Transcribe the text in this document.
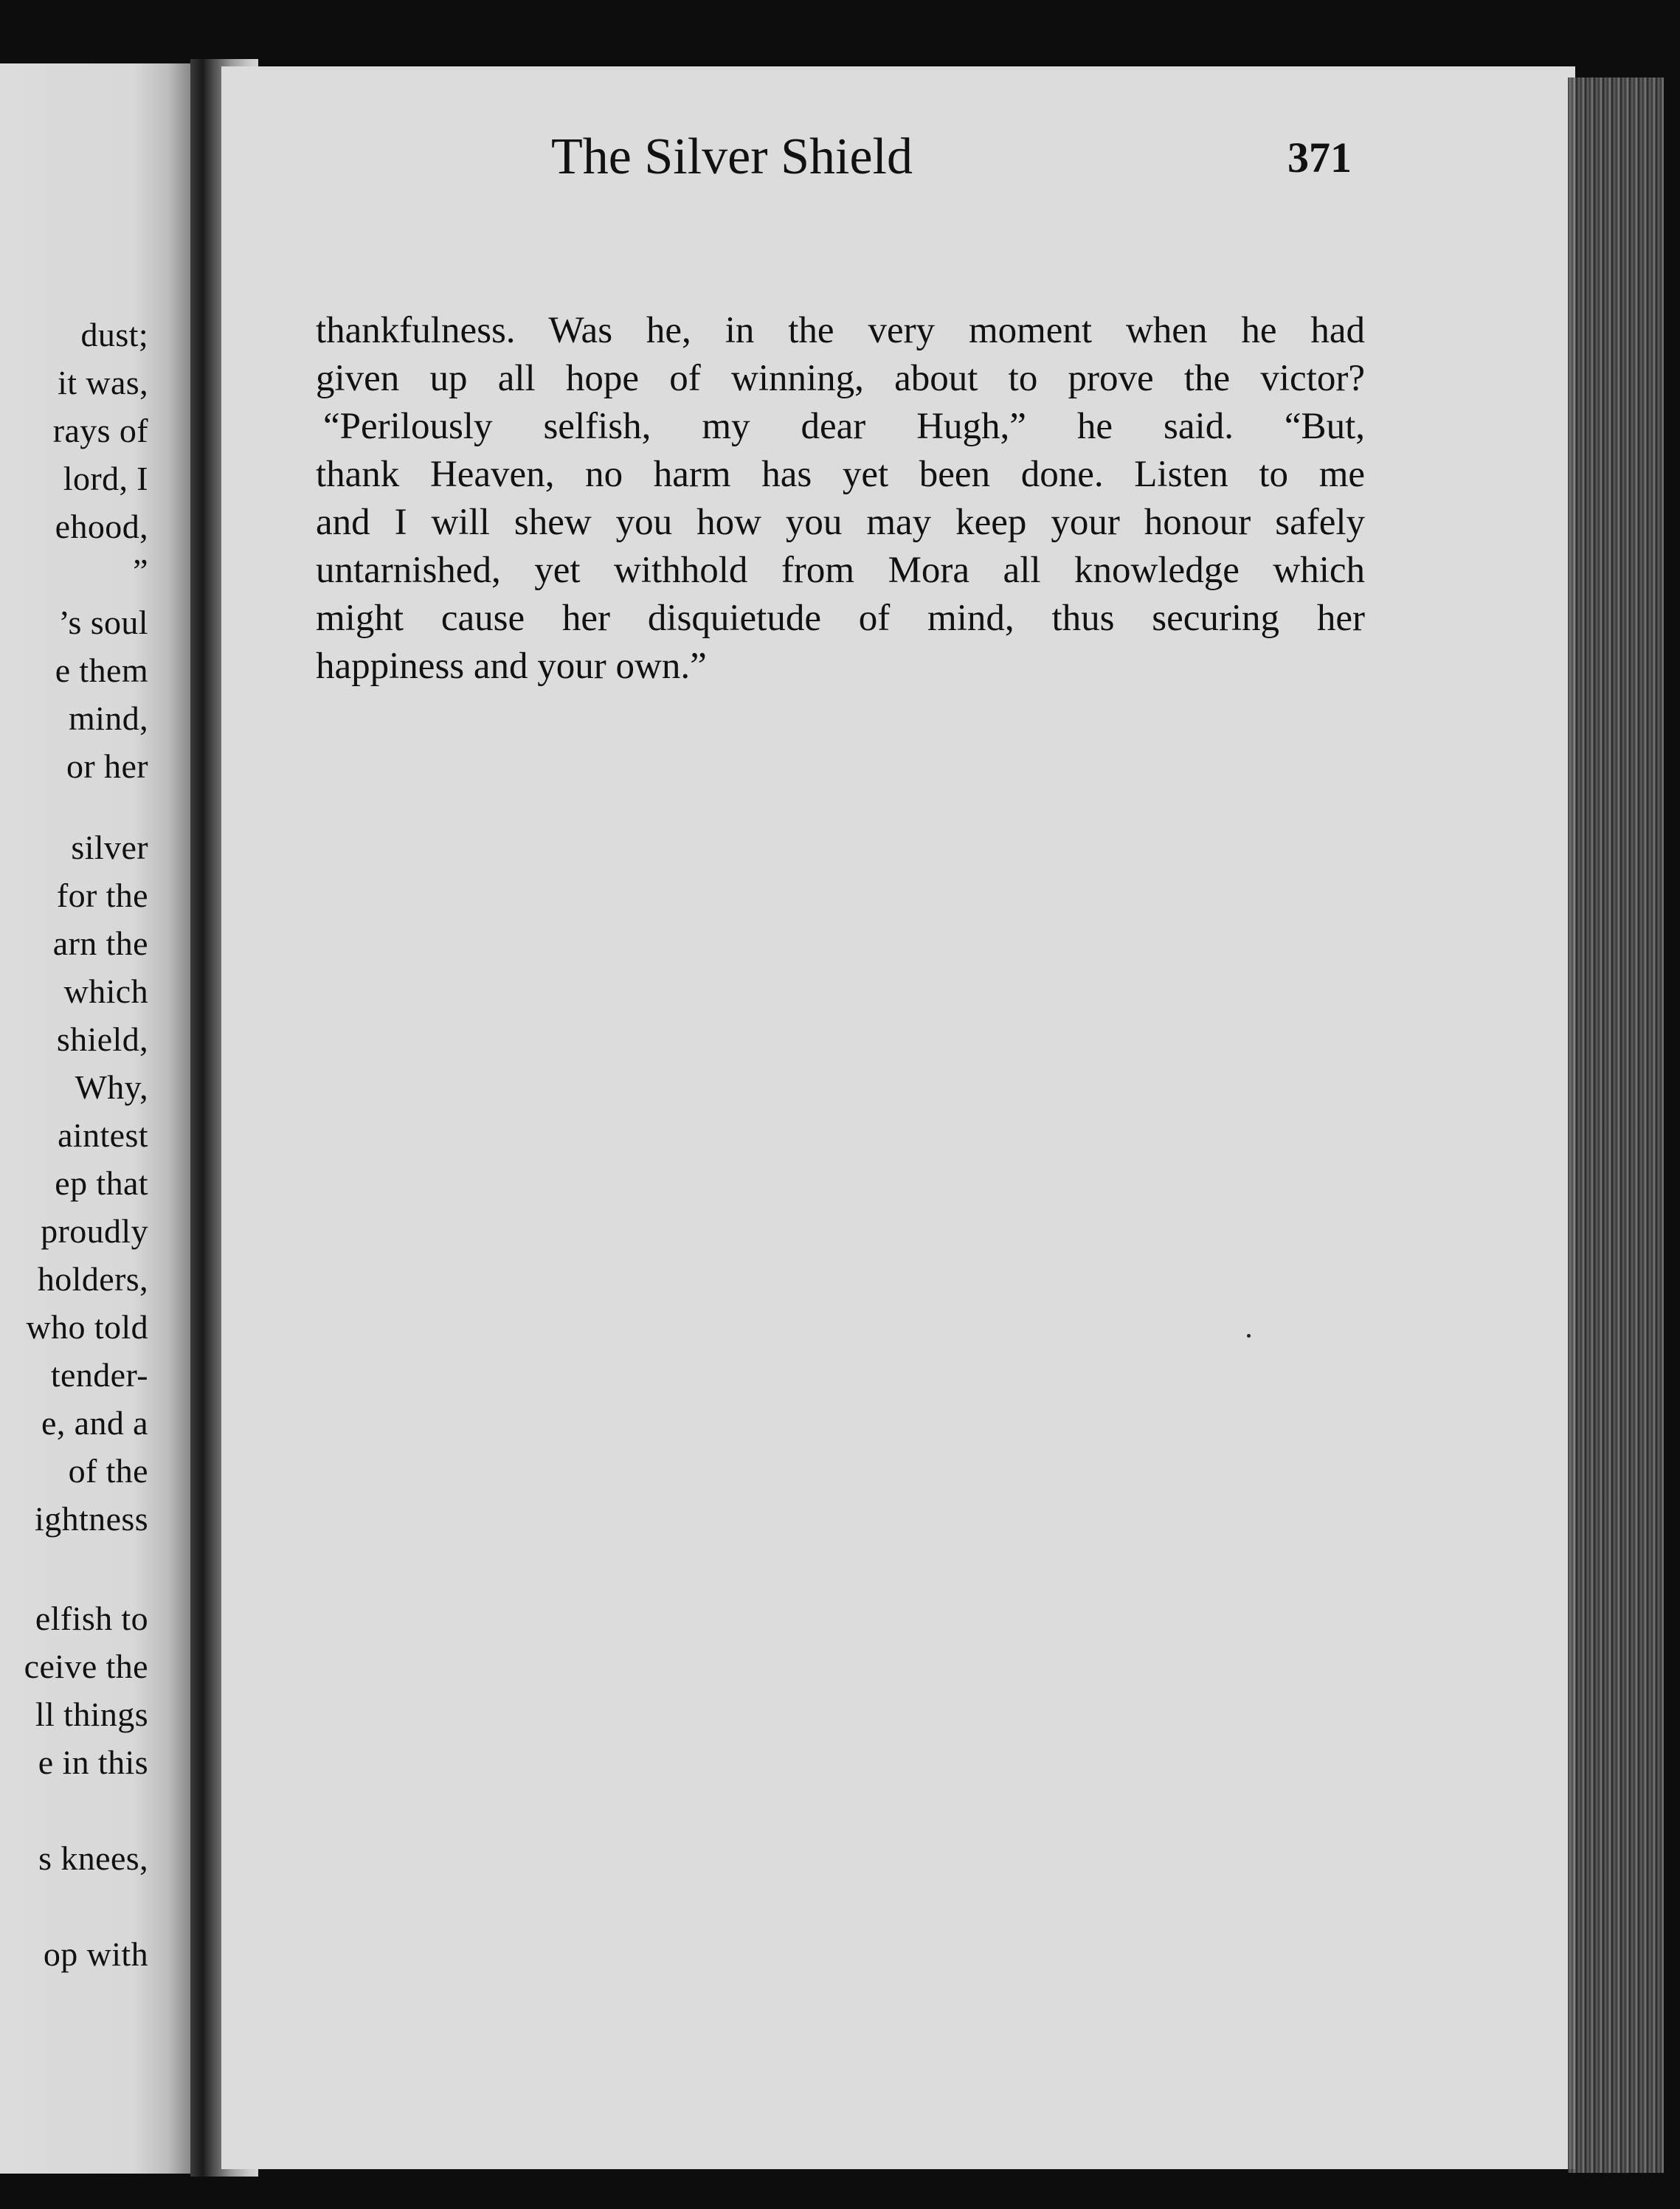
dust;
it was,
rays of
lord, I
ehood,
”
’s soul
e them
mind,
or her
silver
for the
arn the
which
shield,
Why,
aintest
ep that
proudly
holders,
who told
tender-
e, and a
of the
ightness
elfish to
ceive the
ll things
e in this
s knees,
op with
The Silver Shield	371
thankfulness. Was he, in the very moment when he had
given up all hope of winning, about to prove the victor?
“Perilously selfish, my dear Hugh,” he said. “But,
thank Heaven, no harm has yet been done. Listen to me
and I will shew you how you may keep your honour safely
untarnished, yet withhold from Mora all knowledge which
might cause her disquietude of mind, thus securing her
happiness and your own.”
